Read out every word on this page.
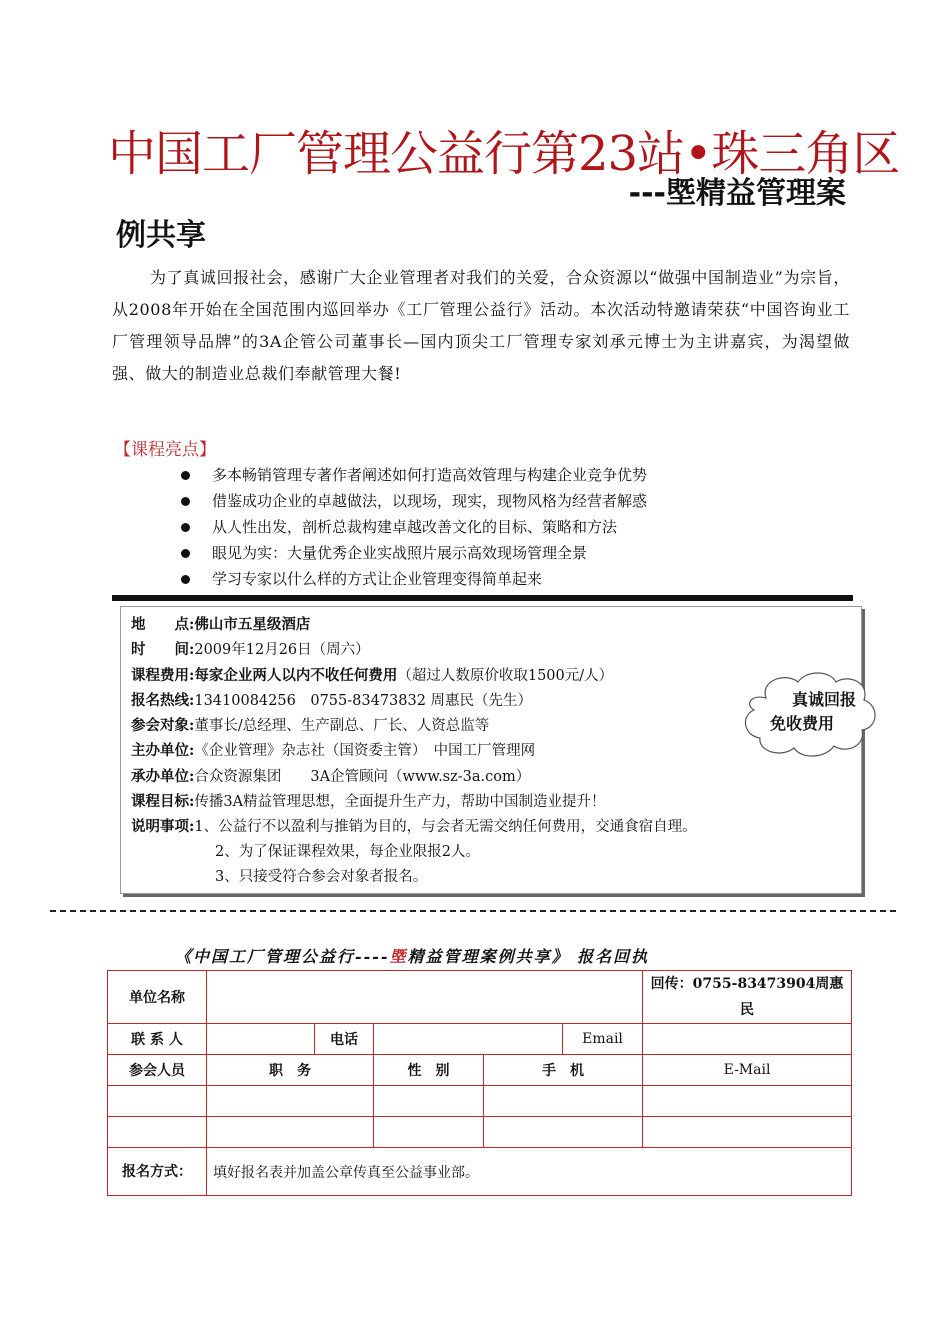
中国工厂管理公益行第23站•珠三角区
---塈精益管理案
例共享
为了真诚回报社会，感谢广大企业管理者对我们的关爱，合众资源以“做强中国制造业”为宗旨，从2008年开始在全国范围内巡回举办《工厂管理公益行》活动。本次活动特邀请荣获“中国咨询业工厂管理领导品牌”的3A企管公司董事长—国内顶尖工厂管理专家刘承元博士为主讲嘉宾，为渴望做强、做大的制造业总裁们奉献管理大餐!
【课程亮点】
多本畅销管理专著作者阐述如何打造高效管理与构建企业竞争优势
借鉴成功企业的卓越做法，以现场，现实，现物风格为经营者解惑
从人性出发，剖析总裁构建卓越改善文化的目标、策略和方法
眼见为实：大量优秀企业实战照片展示高效现场管理全景
学习专家以什么样的方式让企业管理变得简单起来
地　　点:佛山市五星级酒店
时　　间:2009年12月26日（周六）
课程费用:每家企业两人以内不收任何费用（超过人数原价收取1500元/人）
报名热线:13410084256　0755-83473832 周惠民（先生）
参会对象:董事长/总经理、生产副总、厂长、人资总监等
主办单位:《企业管理》杂志社（国资委主管）　中国工厂管理网
承办单位:合众资源集团　　3A企管顾问（www.sz-3a.com）
课程目标:传播3A精益管理思想，全面提升生产力，帮助中国制造业提升！
说明事项:1、公益行不以盈利与推销为目的，与会者无需交纳任何费用，交通食宿自理。
2、为了保证课程效果，每企业限报2人。
3、只接受符合参会对象者报名。
真诚回报
免收费用
《中国工厂管理公益行----塈精益管理案例共享》 报名回执
单位名称						回传：0755-83473904周惠民
联 系 人		电话			Email	
参会人员	职　务		性　别	手　机		E-Mail

报名方式：	填好报名表并加盖公章传真至公益事业部。					
